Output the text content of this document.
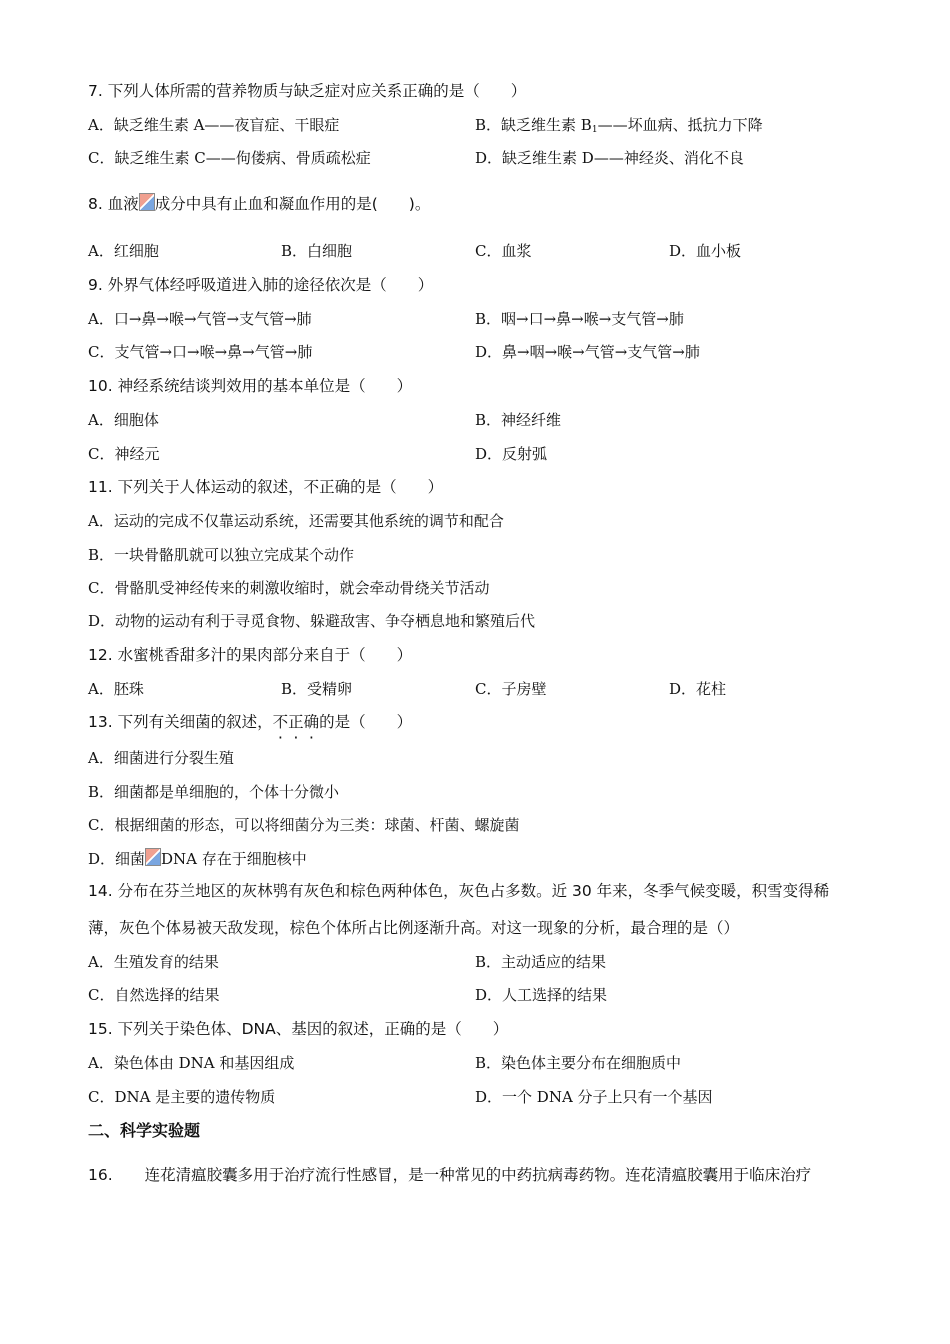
7. 下列人体所需的营养物质与缺乏症对应关系正确的是（　　）
A．缺乏维生素 A——夜盲症、干眼症	B．缺乏维生素 $B_1——$坏血病、抵抗力下降
C．缺乏维生素 C——佝偻病、骨质疏松症	D．缺乏维生素 D——神经炎、消化不良
8. 血液 成分中具有止血和凝血作用的是(　　)。
A．红细胞	B．白细胞	C．血浆	D．血小板
9. 外界气体经呼吸道进入肺的途径依次是（　　）
A．口→鼻→喉→气管→支气管→肺	B．咽→口→鼻→喉→支气管→肺
C．支气管→口→喉→鼻→气管→肺	D．鼻→咽→喉→气管→支气管→肺
10. 神经系统结谈判效用的基本单位是（　　）
A．细胞体	B．神经纤维
C．神经元	D．反射弧
11. 下列关于人体运动的叙述，不正确的是（　　）
A．运动的完成不仅靠运动系统，还需要其他系统的调节和配合
B．一块骨骼肌就可以独立完成某个动作
C．骨骼肌受神经传来的刺激收缩时，就会牵动骨绕关节活动
D．动物的运动有利于寻觅食物、躲避敌害、争夺栖息地和繁殖后代
12. 水蜜桃香甜多汁的果肉部分来自于（　　）
A．胚珠	B．受精卵	C．子房壁	D．花柱
13. 下列有关细菌的叙述，不正确的是（　　）
A．细菌进行分裂生殖
B．细菌都是单细胞的，个体十分微小
C．根据细菌的形态，可以将细菌分为三类：球菌、杆菌、螺旋菌
D．细菌 DNA 存在于细胞核中
14. 分布在芬兰地区的灰林鸮有灰色和棕色两种体色，灰色占多数。近 30 年来，冬季气候变暖，积雪变得稀
薄，灰色个体易被天敌发现，棕色个体所占比例逐渐升高。对这一现象的分析，最合理的是（）
A．生殖发育的结果	B．主动适应的结果
C．自然选择的结果	D．人工选择的结果
15. 下列关于染色体、DNA、基因的叙述，正确的是（　　）
A．染色体由 DNA 和基因组成	B．染色体主要分布在细胞质中
C．DNA 是主要的遗传物质	D．一个 DNA 分子上只有一个基因
二、科学实验题
16. 连花清瘟胶囊多用于治疗流行性感冒，是一种常见的中药抗病毒药物。连花清瘟胶囊用于临床治疗
